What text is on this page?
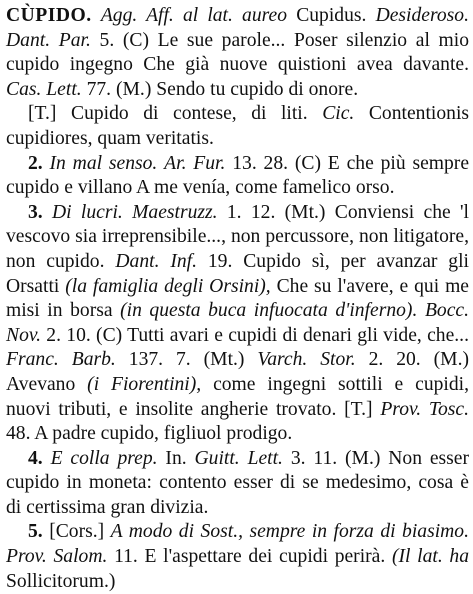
CÙPIDO. Agg. Aff. al lat. aureo Cupidus. Desideroso. Dant. Par. 5. (C) Le sue parole... Poser silenzio al mio cupido ingegno Che già nuove quistioni avea davante. Cas. Lett. 77. (M.) Sendo tu cupido di onore.

[T.] Cupido di contese, di liti. Cic. Contentionis cupidiores, quam veritatis.

2. In mal senso. Ar. Fur. 13. 28. (C) E che più sempre cupido e villano A me venía, come famelico orso.

3. Di lucri. Maestruzz. 1. 12. (Mt.) Conviensi che 'l vescovo sia irreprensibile..., non percussore, non litigatore, non cupido. Dant. Inf. 19. Cupido sì, per avanzar gli Orsatti (la famiglia degli Orsini), Che su l'avere, e qui me misi in borsa (in questa buca infuocata d'inferno). Bocc. Nov. 2. 10. (C) Tutti avari e cupidi di denari gli vide, che... Franc. Barb. 137. 7. (Mt.) Varch. Stor. 2. 20. (M.) Avevano (i Fiorentini), come ingegni sottili e cupidi, nuovi tributi, e insolite angherie trovato. [T.] Prov. Tosc. 48. A padre cupido, figliuol prodigo.

4. E colla prep. In. Guitt. Lett. 3. 11. (M.) Non esser cupido in moneta: contento esser di se medesimo, cosa è di certissima gran divizia.

5. [Cors.] A modo di Sost., sempre in forza di biasimo. Prov. Salom. 11. E l'aspettare dei cupidi perirà. (Il lat. ha Sollicitorum.)
